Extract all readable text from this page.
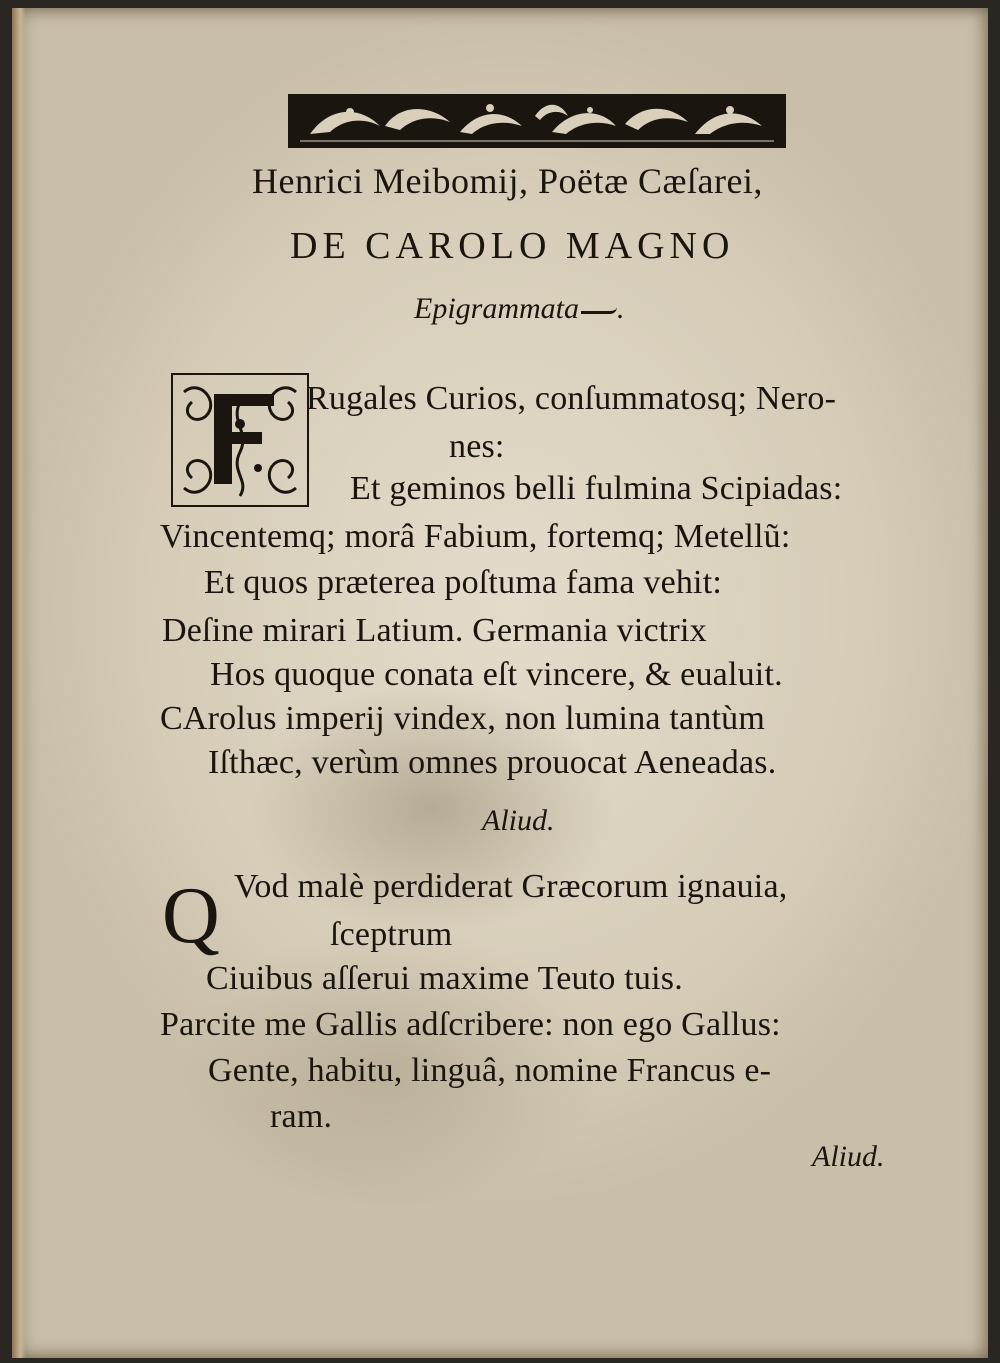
Henrici Meibomij, Poëtæ Cæſarei,
DE CAROLO MAGNO
Epigrammata .
F
Rugales Curios, conſummatosq; Nero-
nes:
Et geminos belli fulmina Scipiadas:
Vincentemq; morâ Fabium, fortemq; Metellũ:
Et quos præterea poſtuma fama vehit:
Deſine mirari Latium. Germania victrix
Hos quoque conata eſt vincere, & eualuit.
CArolus imperij vindex, non lumina tantùm
Iſthæc, verùm omnes prouocat Aeneadas.
Aliud.
Q Vod malè perdiderat Græcorum ignauia,
ſceptrum
Ciuibus aſſerui maxime Teuto tuis.
Parcite me Gallis adſcribere: non ego Gallus:
Gente, habitu, linguâ, nomine Francus e-
ram.
Aliud.
